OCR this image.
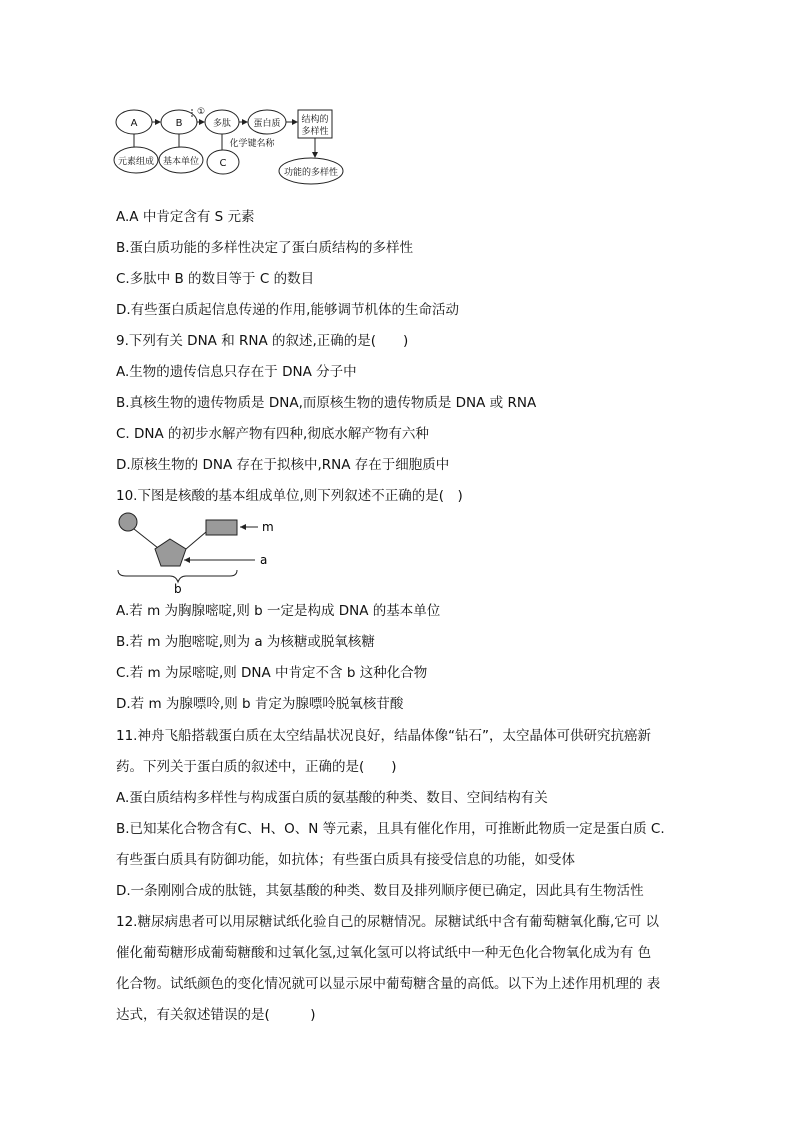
A	B
①
多肽 蛋白质 结构的
多样性
元素组成 基本单位
化学键名称
C
功能的多样性
A.A 中肯定含有 S 元素
B.蛋白质功能的多样性决定了蛋白质结构的多样性
C.多肽中 B 的数目等于 C 的数目
D.有些蛋白质起信息传递的作用,能够调节机体的生命活动
9.下列有关 DNA 和 RNA 的叙述,正确的是(　　)
A.生物的遗传信息只存在于 DNA 分子中
B.真核生物的遗传物质是 DNA,而原核生物的遗传物质是 DNA 或 RNA
C. DNA 的初步水解产物有四种,彻底水解产物有六种
D.原核生物的 DNA 存在于拟核中,RNA 存在于细胞质中
10.下图是核酸的基本组成单位,则下列叙述不正确的是(　)
m
a
b
A.若 m 为胸腺嘧啶,则 b 一定是构成 DNA 的基本单位
B.若 m 为胞嘧啶,则为 a 为核糖或脱氧核糖
C.若 m 为尿嘧啶,则 DNA 中肯定不含 b 这种化合物
D.若 m 为腺嘌呤,则 b 肯定为腺嘌呤脱氧核苷酸
11.神舟飞船搭载蛋白质在太空结晶状况良好，结晶体像“钻石”，太空晶体可供研究抗癌新
药。下列关于蛋白质的叙述中，正确的是(　　)
A.蛋白质结构多样性与构成蛋白质的氨基酸的种类、数目、空间结构有关
B.已知某化合物含有C、H、O、N 等元素，且具有催化作用，可推断此物质一定是蛋白质 C.
有些蛋白质具有防御功能，如抗体；有些蛋白质具有接受信息的功能，如受体
D.一条刚刚合成的肽链，其氨基酸的种类、数目及排列顺序便已确定，因此具有生物活性
12.糖尿病患者可以用尿糖试纸化验自己的尿糖情况。尿糖试纸中含有葡萄糖氧化酶,它可 以
催化葡萄糖形成葡萄糖酸和过氧化氢,过氧化氢可以将试纸中一种无色化合物氧化成为有 色
化合物。试纸颜色的变化情况就可以显示尿中葡萄糖含量的高低。以下为上述作用机理的 表
达式，有关叙述错误的是(　　　)
